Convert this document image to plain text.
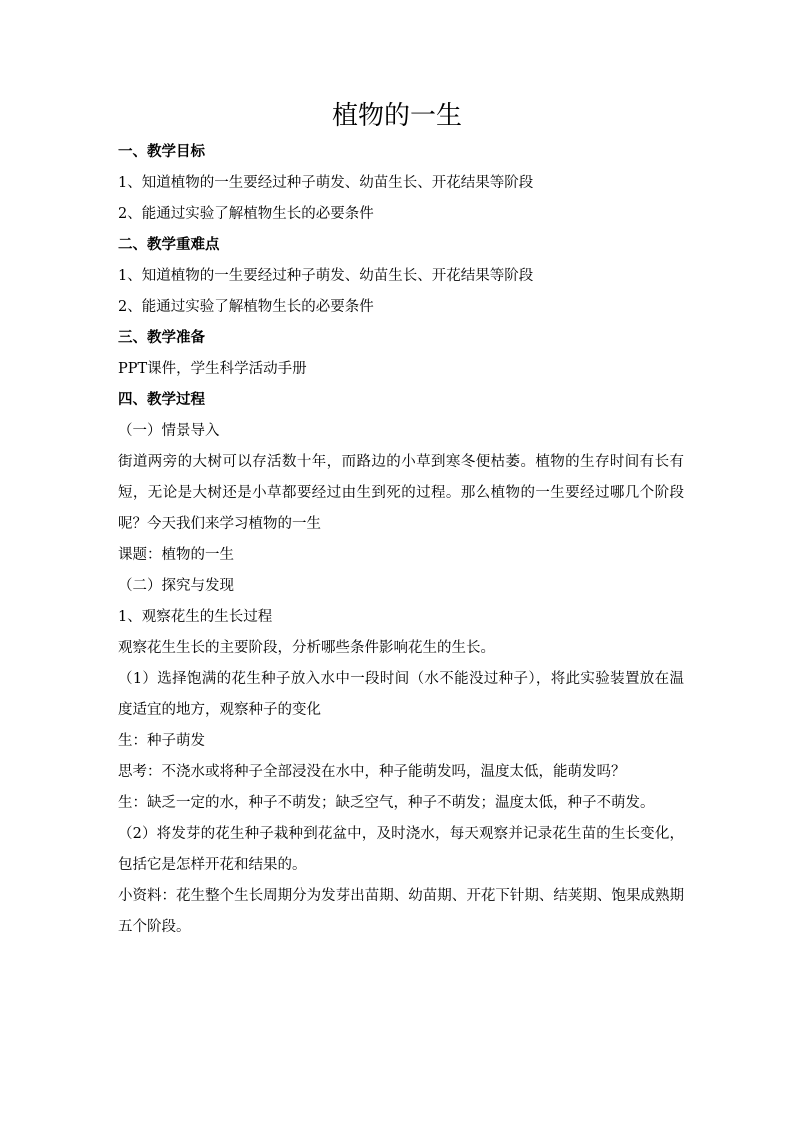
植物的一生
一、教学目标
1、知道植物的一生要经过种子萌发、幼苗生长、开花结果等阶段
2、能通过实验了解植物生长的必要条件
二、教学重难点
1、知道植物的一生要经过种子萌发、幼苗生长、开花结果等阶段
2、能通过实验了解植物生长的必要条件
三、教学准备
PPT课件，学生科学活动手册
四、教学过程
（一）情景导入
街道两旁的大树可以存活数十年，而路边的小草到寒冬便枯萎。植物的生存时间有长有短，无论是大树还是小草都要经过由生到死的过程。那么植物的一生要经过哪几个阶段呢？今天我们来学习植物的一生
课题：植物的一生
（二）探究与发现
1、观察花生的生长过程
观察花生生长的主要阶段，分析哪些条件影响花生的生长。
（1）选择饱满的花生种子放入水中一段时间（水不能没过种子），将此实验装置放在温度适宜的地方，观察种子的变化
生：种子萌发
思考：不浇水或将种子全部浸没在水中，种子能萌发吗，温度太低，能萌发吗？
生：缺乏一定的水，种子不萌发；缺乏空气，种子不萌发；温度太低，种子不萌发。
（2）将发芽的花生种子栽种到花盆中，及时浇水，每天观察并记录花生苗的生长变化，包括它是怎样开花和结果的。
小资料：花生整个生长周期分为发芽出苗期、幼苗期、开花下针期、结荚期、饱果成熟期五个阶段。
